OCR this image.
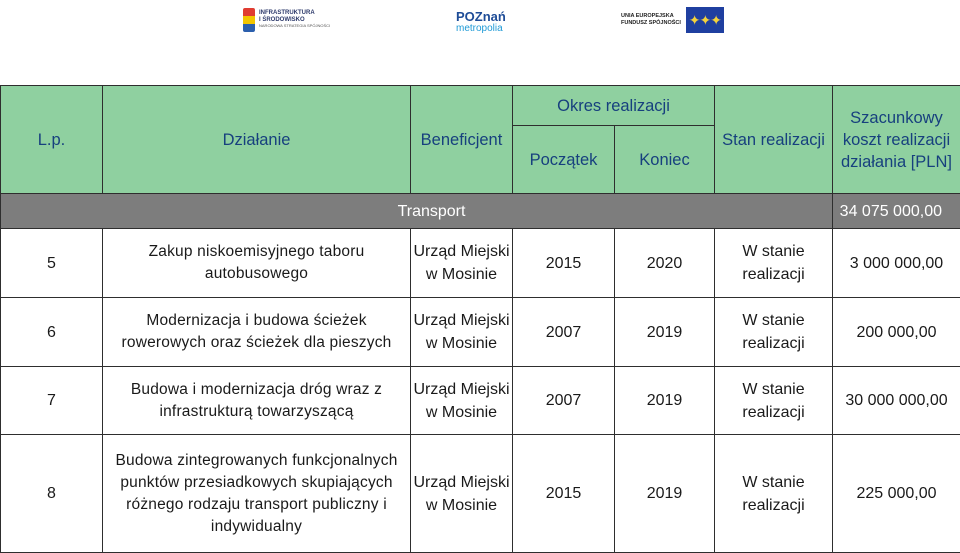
INFRASTRUKTURA
I ŚRODOWISKO
NARODOWA STRATEGIA SPÓJNOŚCI
POZnań
metropolia
UNIA EUROPEJSKA
FUNDUSZ SPÓJNOŚCI ✦✦✦
L.p.	Działanie	Beneficjent	Okres realizacji		Stan realizacji	Szacunkowy koszt realizacji działania [PLN]
			Początek	Koniec		
Transport						34 075 000,00
5	Zakup niskoemisyjnego taboru autobusowego	Urząd Miejski w Mosinie	2015	2020	W stanie realizacji	3 000 000,00
6	Modernizacja i budowa ścieżek rowerowych oraz ścieżek dla pieszych	Urząd Miejski w Mosinie	2007	2019	W stanie realizacji	200 000,00
7	Budowa i modernizacja dróg wraz z infrastrukturą towarzyszącą	Urząd Miejski w Mosinie	2007	2019	W stanie realizacji	30 000 000,00
8	Budowa zintegrowanych funkcjonalnych punktów przesiadkowych skupiających różnego rodzaju transport publiczny i indywidualny	Urząd Miejski w Mosinie	2015	2019	W stanie realizacji	225 000,00
